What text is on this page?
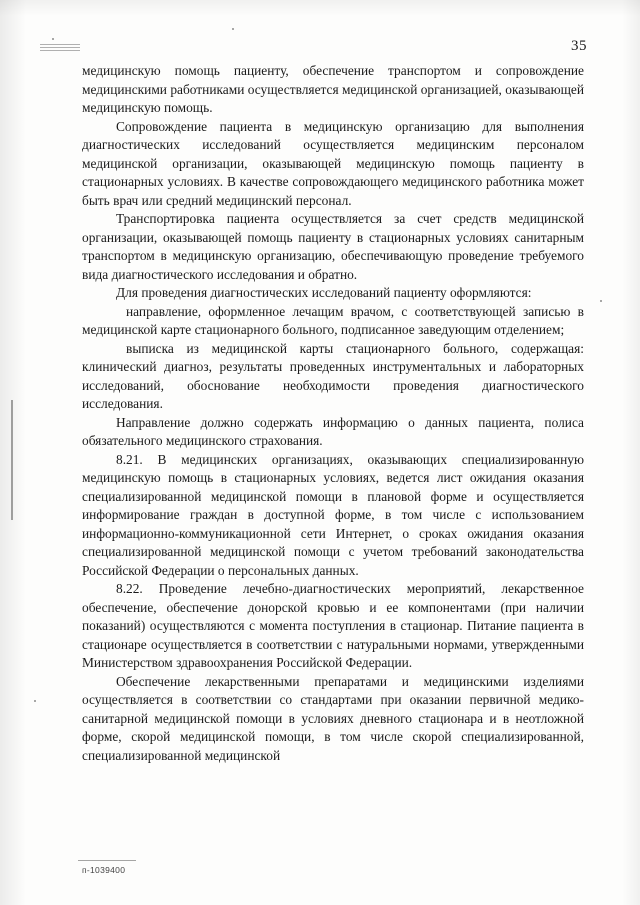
35

медицинскую помощь пациенту, обеспечение транспортом и сопровождение медицинскими работниками осуществляется медицинской организацией, оказывающей медицинскую помощь.

Сопровождение пациента в медицинскую организацию для выполнения диагностических исследований осуществляется медицинским персоналом медицинской организации, оказывающей медицинскую помощь пациенту в стационарных условиях. В качестве сопровождающего медицинского работника может быть врач или средний медицинский персонал.

Транспортировка пациента осуществляется за счет средств медицинской организации, оказывающей помощь пациенту в стационарных условиях санитарным транспортом в медицинскую организацию, обеспечивающую проведение требуемого вида диагностического исследования и обратно.

Для проведения диагностических исследований пациенту оформляются:

направление, оформленное лечащим врачом, с соответствующей записью в медицинской карте стационарного больного, подписанное заведующим отделением;

выписка из медицинской карты стационарного больного, содержащая: клинический диагноз, результаты проведенных инструментальных и лабораторных исследований, обоснование необходимости проведения диагностического исследования.

Направление должно содержать информацию о данных пациента, полиса обязательного медицинского страхования.

8.21. В медицинских организациях, оказывающих специализированную медицинскую помощь в стационарных условиях, ведется лист ожидания оказания специализированной медицинской помощи в плановой форме и осуществляется информирование граждан в доступной форме, в том числе с использованием информационно-коммуникационной сети Интернет, о сроках ожидания оказания специализированной медицинской помощи с учетом требований законодательства Российской Федерации о персональных данных.

8.22. Проведение лечебно-диагностических мероприятий, лекарственное обеспечение, обеспечение донорской кровью и ее компонентами (при наличии показаний) осуществляются с момента поступления в стационар. Питание пациента в стационаре осуществляется в соответствии с натуральными нормами, утвержденными Министерством здравоохранения Российской Федерации.

Обеспечение лекарственными препаратами и медицинскими изделиями осуществляется в соответствии со стандартами при оказании первичной медико-санитарной медицинской помощи в условиях дневного стационара и в неотложной форме, скорой медицинской помощи, в том числе скорой специализированной, специализированной медицинской

п-1039400
